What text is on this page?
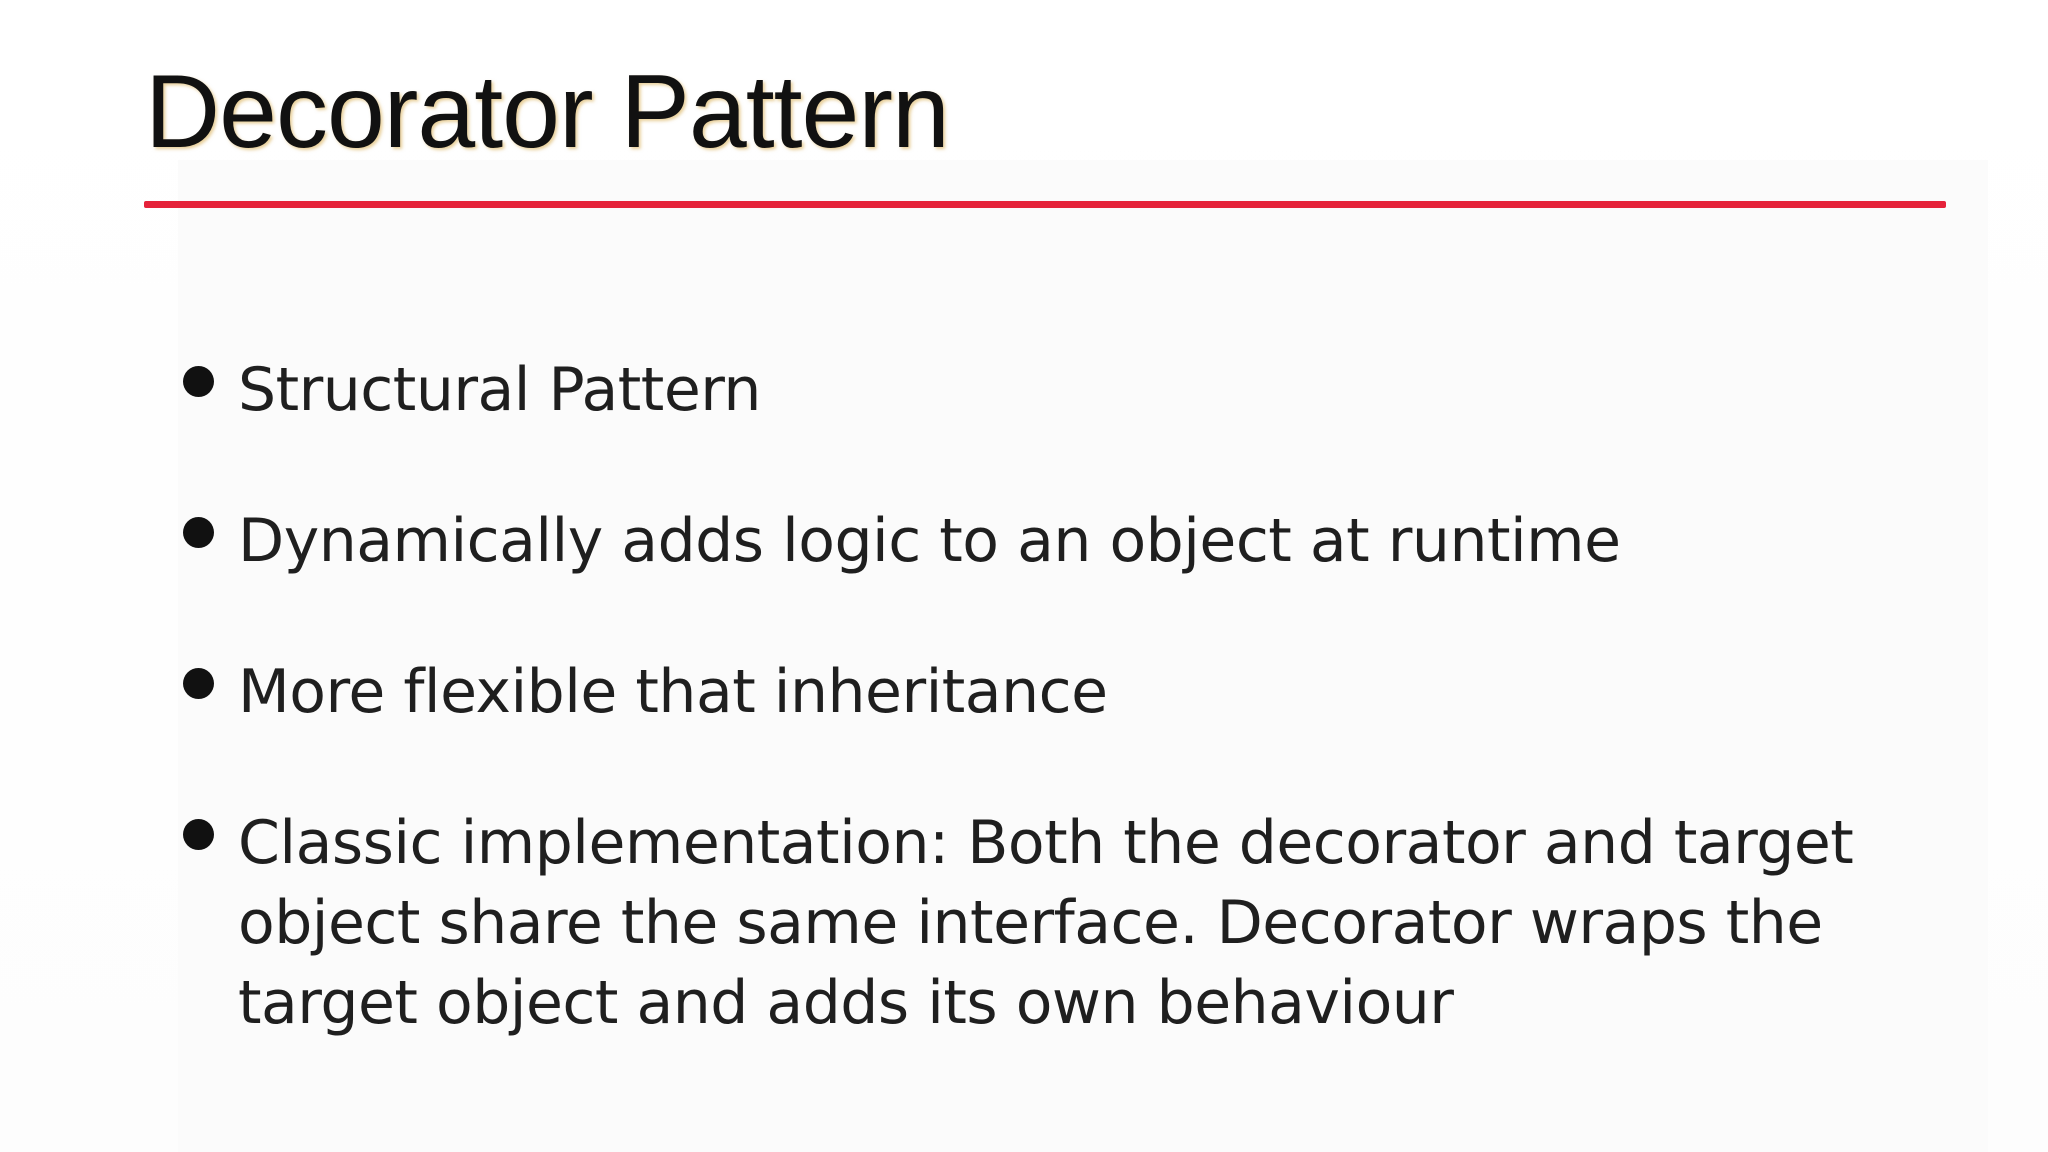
Decorator Pattern
Structural Pattern
Dynamically adds logic to an object at runtime
More flexible that inheritance
Classic implementation: Both the decorator and target object share the same interface. Decorator wraps the target object and adds its own behaviour
